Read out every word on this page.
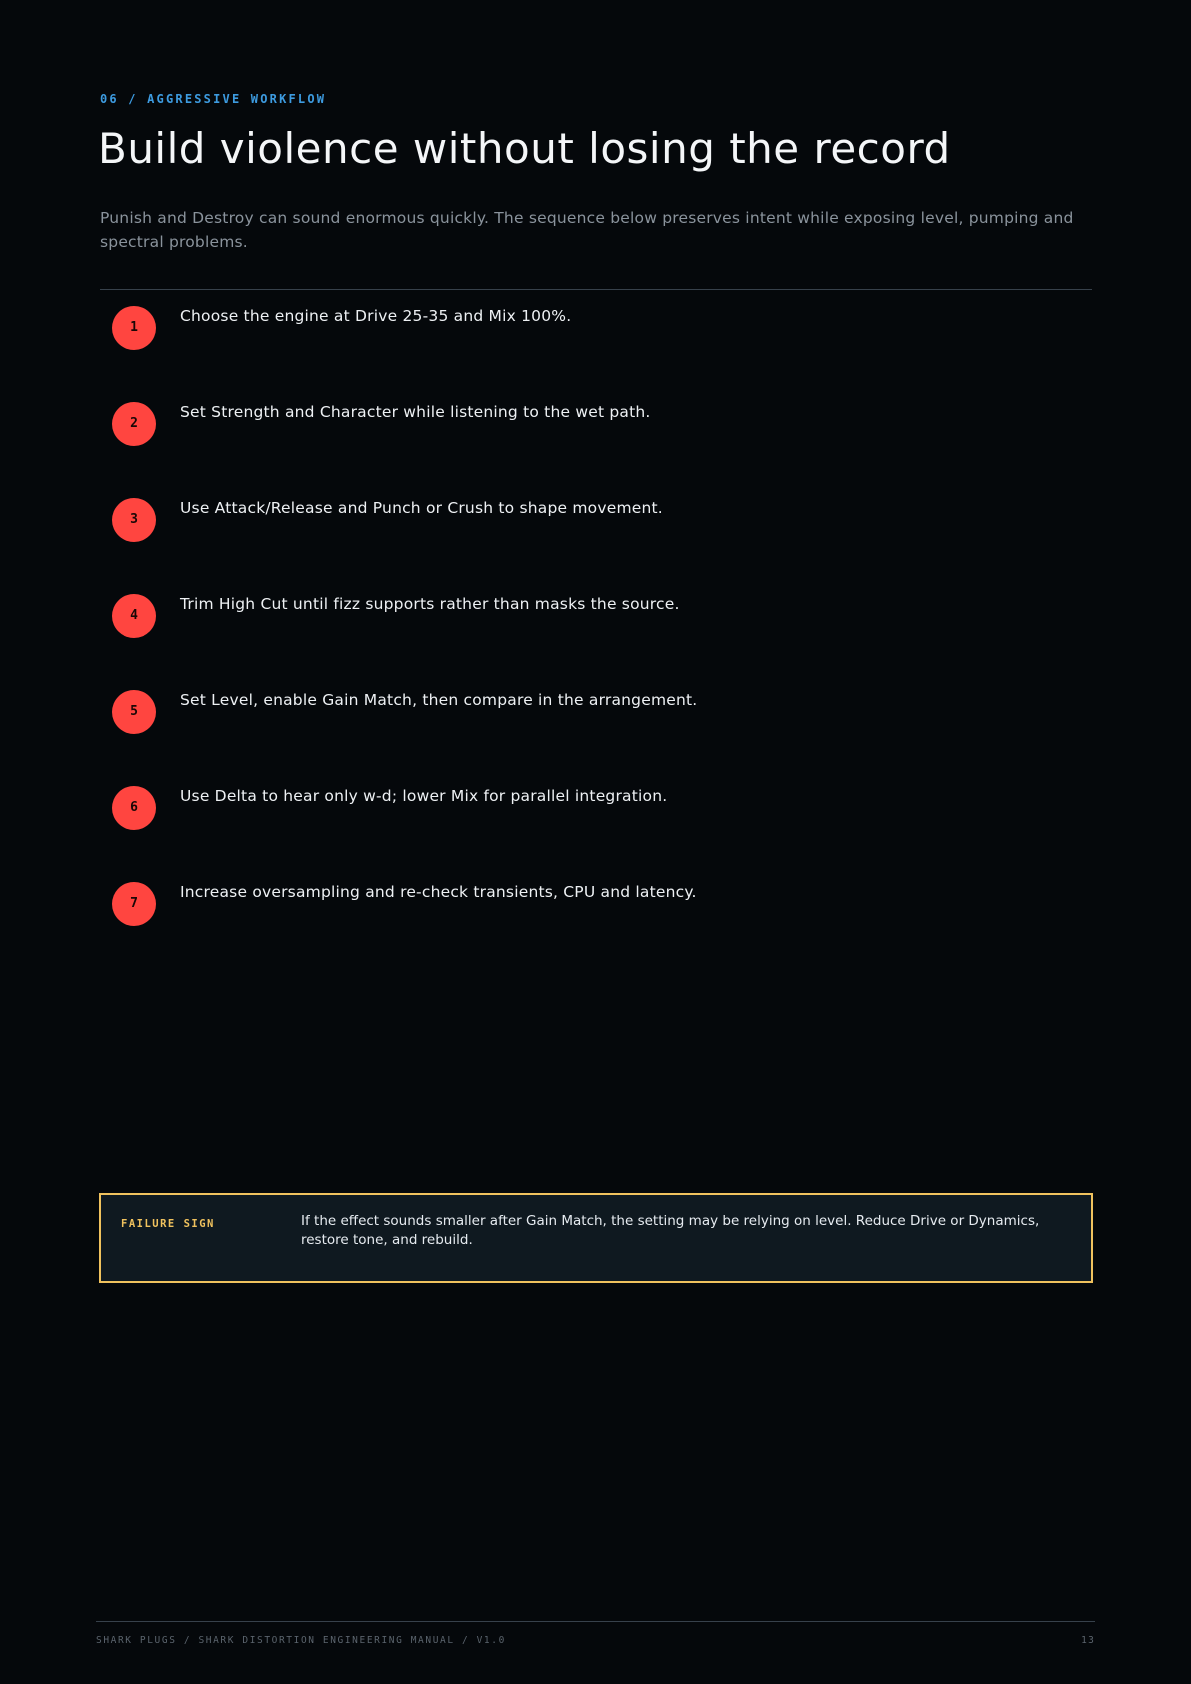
06 / AGGRESSIVE WORKFLOW
Build violence without losing the record
Punish and Destroy can sound enormous quickly. The sequence below preserves intent while exposing level, pumping and spectral problems.
1
Choose the engine at Drive 25-35 and Mix 100%.
2
Set Strength and Character while listening to the wet path.
3
Use Attack/Release and Punch or Crush to shape movement.
4
Trim High Cut until fizz supports rather than masks the source.
5
Set Level, enable Gain Match, then compare in the arrangement.
6
Use Delta to hear only w-d; lower Mix for parallel integration.
7
Increase oversampling and re-check transients, CPU and latency.
FAILURE SIGN	If the effect sounds smaller after Gain Match, the setting may be relying on level. Reduce Drive or Dynamics, restore tone, and rebuild.
SHARK PLUGS / SHARK DISTORTION ENGINEERING MANUAL / V1.0	13
